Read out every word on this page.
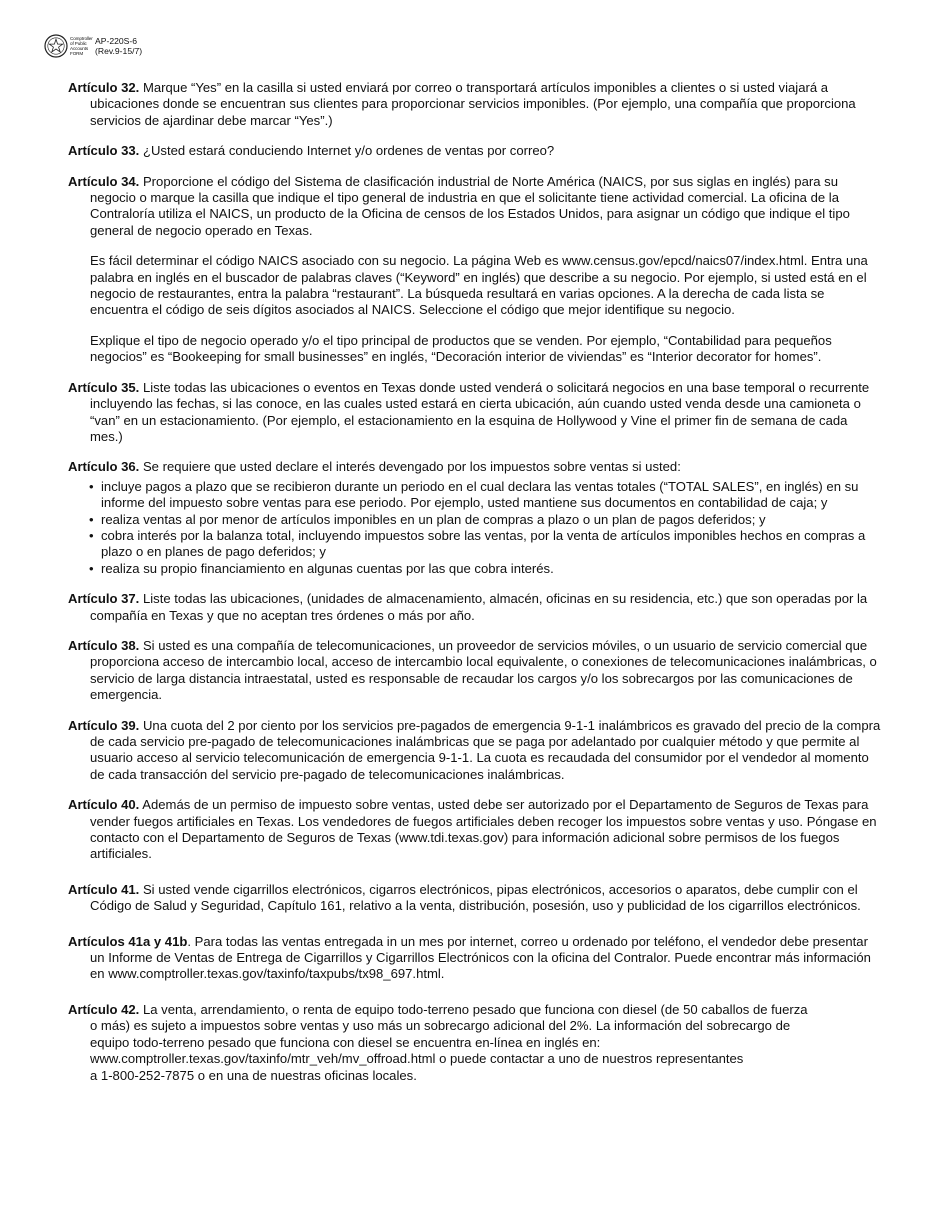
Comptroller
of Public
Accounts
FORM
AP-220S-6
(Rev.9-15/7)

Artículo 32. Marque “Yes” en la casilla si usted enviará por correo o transportará artículos imponibles a clientes o si usted viajará a ubicaciones donde se encuentran sus clientes para proporcionar servicios imponibles. (Por ejemplo, una compañía que proporciona servicios de ajardinar debe marcar “Yes”.)

Artículo 33. ¿Usted estará conduciendo Internet y/o ordenes de ventas por correo?

Artículo 34. Proporcione el código del Sistema de clasificación industrial de Norte América (NAICS, por sus siglas en inglés) para su negocio o marque la casilla que indique el tipo general de industria en que el solicitante tiene actividad comercial. La oficina de la Contraloría utiliza el NAICS, un producto de la Oficina de censos de los Estados Unidos, para asignar un código que indique el tipo general de negocio operado en Texas.

Es fácil determinar el código NAICS asociado con su negocio. La página Web es www.census.gov/epcd/naics07/index.html. Entra una palabra en inglés en el buscador de palabras claves (“Keyword” en inglés) que describe a su negocio. Por ejemplo, si usted está en el negocio de restaurantes, entra la palabra “restaurant”. La búsqueda resultará en varias opciones. A la derecha de cada lista se encuentra el código de seis dígitos asociados al NAICS. Seleccione el código que mejor identifique su negocio.

Explique el tipo de negocio operado y/o el tipo principal de productos que se venden. Por ejemplo, “Contabilidad para pequeños negocios” es “Bookeeping for small businesses” en inglés, “Decoración interior de viviendas” es “Interior decorator for homes”.

Artículo 35. Liste todas las ubicaciones o eventos en Texas donde usted venderá o solicitará negocios en una base temporal o recurrente incluyendo las fechas, si las conoce, en las cuales usted estará en cierta ubicación, aún cuando usted venda desde una camioneta o “van” en un estacionamiento. (Por ejemplo, el estacionamiento en la esquina de Hollywood y Vine el primer fin de semana de cada mes.)

Artículo 36. Se requiere que usted declare el interés devengado por los impuestos sobre ventas si usted:

• incluye pagos a plazo que se recibieron durante un periodo en el cual declara las ventas totales (“TOTAL SALES”, en inglés) en su informe del impuesto sobre ventas para ese periodo. Por ejemplo, usted mantiene sus documentos en contabilidad de caja; y
• realiza ventas al por menor de artículos imponibles en un plan de compras a plazo o un plan de pagos deferidos; y
• cobra interés por la balanza total, incluyendo impuestos sobre las ventas, por la venta de artículos imponibles hechos en compras a plazo o en planes de pago deferidos; y
• realiza su propio financiamiento en algunas cuentas por las que cobra interés.

Artículo 37. Liste todas las ubicaciones, (unidades de almacenamiento, almacén, oficinas en su residencia, etc.) que son operadas por la compañía en Texas y que no aceptan tres órdenes o más por año.

Artículo 38. Si usted es una compañía de telecomunicaciones, un proveedor de servicios móviles, o un usuario de servicio comercial que proporciona acceso de intercambio local, acceso de intercambio local equivalente, o conexiones de telecomunicaciones inalámbricas, o servicio de larga distancia intraestatal, usted es responsable de recaudar los cargos y/o los sobrecargos por las comunicaciones de emergencia.

Artículo 39. Una cuota del 2 por ciento por los servicios pre-pagados de emergencia 9-1-1 inalámbricos es gravado del precio de la compra de cada servicio pre-pagado de telecomunicaciones inalámbricas que se paga por adelantado por cualquier método y que permite al usuario acceso al servicio telecomunicación de emergencia 9-1-1. La cuota es recaudada del consumidor por el vendedor al momento de cada transacción del servicio pre-pagado de telecomunicaciones inalámbricas.

Artículo 40. Además de un permiso de impuesto sobre ventas, usted debe ser autorizado por el Departamento de Seguros de Texas para vender fuegos artificiales en Texas. Los vendedores de fuegos artificiales deben recoger los impuestos sobre ventas y uso. Póngase en contacto con el Departamento de Seguros de Texas (www.tdi.texas.gov) para información adicional sobre permisos de los fuegos artificiales.

Artículo 41. Si usted vende cigarrillos electrónicos, cigarros electrónicos, pipas electrónicos, accesorios o aparatos, debe cumplir con el Código de Salud y Seguridad, Capítulo 161, relativo a la venta, distribución, posesión, uso y publicidad de los cigarrillos electrónicos.

Artículos 41a y 41b. Para todas las ventas entregada in un mes por internet, correo u ordenado por teléfono, el vendedor debe presentar un Informe de Ventas de Entrega de Cigarrillos y Cigarrillos Electrónicos con la oficina del Contralor. Puede encontrar más información en www.comptroller.texas.gov/taxinfo/taxpubs/tx98_697.html.

Artículo 42. La venta, arrendamiento, o renta de equipo todo-terreno pesado que funciona con diesel (de 50 caballos de fuerza
o más) es sujeto a impuestos sobre ventas y uso más un sobrecargo adicional del 2%. La información del sobrecargo de
equipo todo-terreno pesado que funciona con diesel se encuentra en-línea en inglés en:
www.comptroller.texas.gov/taxinfo/mtr_veh/mv_offroad.html o puede contactar a uno de nuestros representantes
a 1-800-252-7875 o en una de nuestras oficinas locales.
